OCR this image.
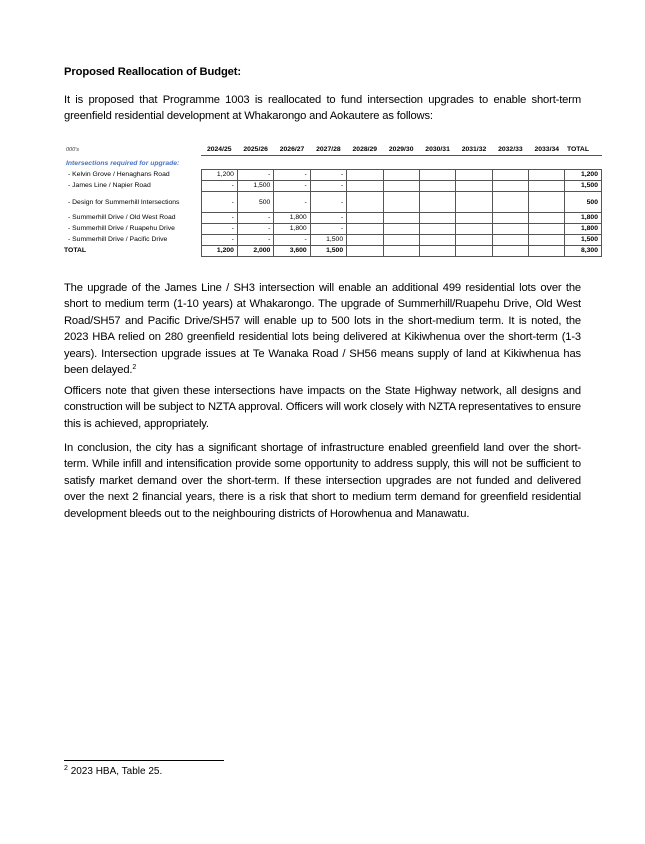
Proposed Reallocation of Budget:
It is proposed that Programme 1003 is reallocated to fund intersection upgrades to enable short-term greenfield residential development at Whakarongo and Aokautere as follows:
000's	2024/25	2025/26	2026/27	2027/28	2028/29	2029/30	2030/31	2031/32	2032/33	2033/34	TOTAL
Intersections required for upgrade:											
- Kelvin Grove / Henaghans Road	1,200	-	-	-							1,200
- James Line / Napier Road	-	1,500	-	-							1,500
- Design for Summerhill Intersections	-	500	-	-							500
- Summerhill Drive / Old West Road	-	-	1,800	-							1,800
- Summerhill Drive / Ruapehu Drive	-	-	1,800	-							1,800
- Summerhill Drive / Pacific Drive	-	-	-	1,500							1,500
TOTAL	1,200	2,000	3,600	1,500							8,300
The upgrade of the James Line / SH3 intersection will enable an additional 499 residential lots over the short to medium term (1-10 years) at Whakarongo. The upgrade of Summerhill/Ruapehu Drive, Old West Road/SH57 and Pacific Drive/SH57 will enable up to 500 lots in the short-medium term. It is noted, the 2023 HBA relied on 280 greenfield residential lots being delivered at Kikiwhenua over the short-term (1-3 years). Intersection upgrade issues at Te Wanaka Road / SH56 means supply of land at Kikiwhenua has been delayed.$^2$
Officers note that given these intersections have impacts on the State Highway network, all designs and construction will be subject to NZTA approval. Officers will work closely with NZTA representatives to ensure this is achieved, appropriately.
In conclusion, the city has a significant shortage of infrastructure enabled greenfield land over the short-term. While infill and intensification provide some opportunity to address supply, this will not be sufficient to satisfy market demand over the short-term. If these intersection upgrades are not funded and delivered over the next 2 financial years, there is a risk that short to medium term demand for greenfield residential development bleeds out to the neighbouring districts of Horowhenua and Manawatu.
$^2$ 2023 HBA, Table 25.
